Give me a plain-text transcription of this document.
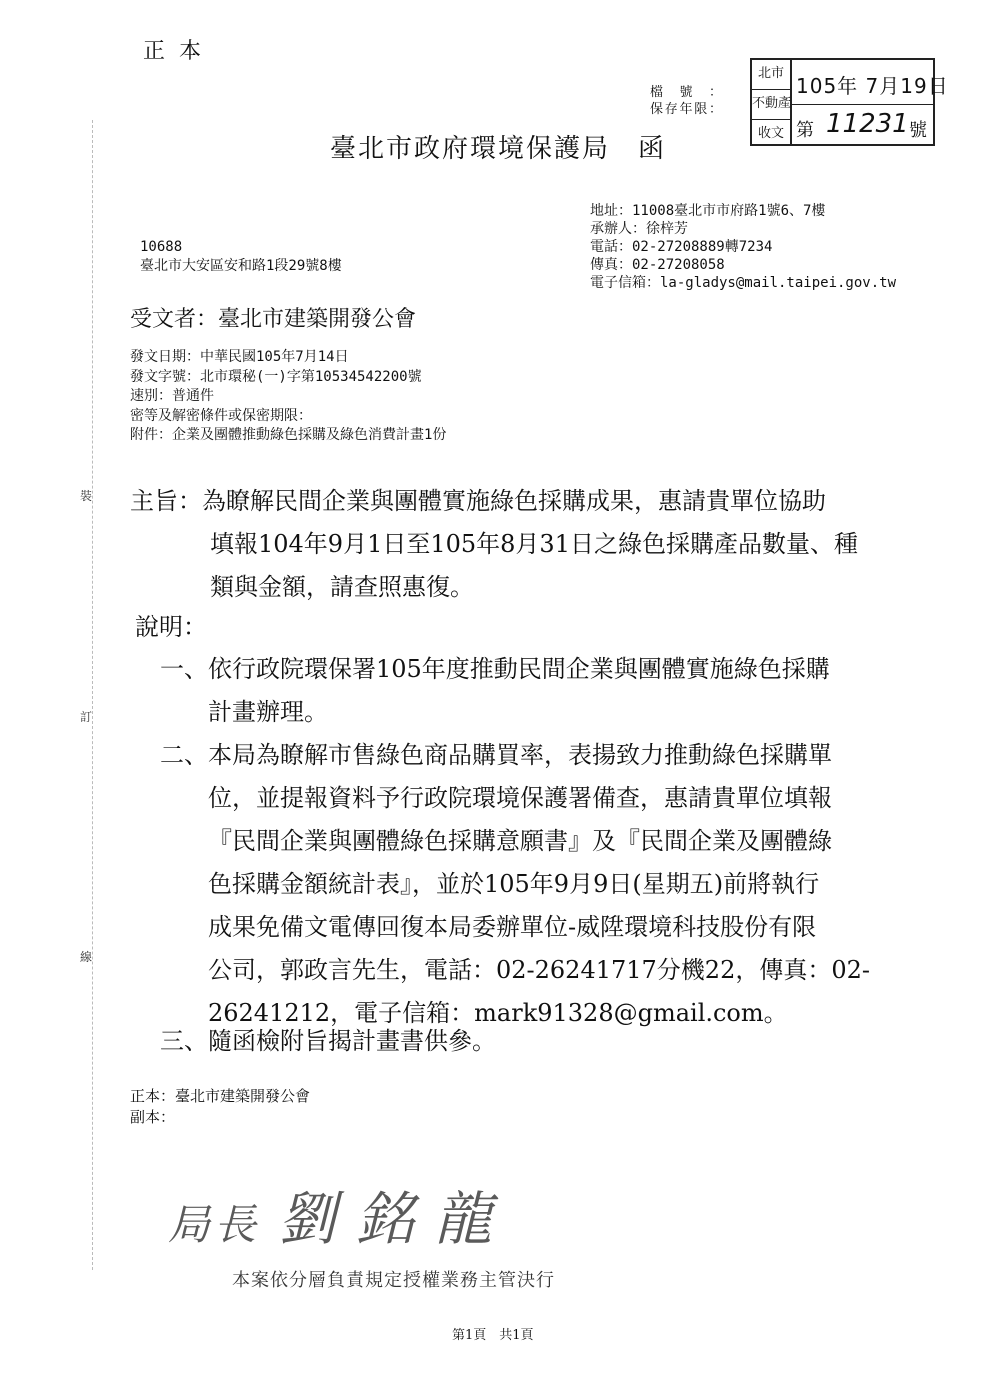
裝
訂
線
正本
檔號：
保存年限：
北市
不動產
收文
105年 7月19日
第 11231 號
臺北市政府環境保護局　函
地址：11008臺北市市府路1號6、7樓
承辦人：徐梓芳
電話：02-27208889轉7234
傳真：02-27208058
電子信箱：la-gladys@mail.taipei.gov.tw
10688
臺北市大安區安和路1段29號8樓
受文者：臺北市建築開發公會
發文日期：中華民國105年7月14日
發文字號：北市環秘(一)字第10534542200號
速別：普通件
密等及解密條件或保密期限：
附件：企業及團體推動綠色採購及綠色消費計畫1份
主旨：為瞭解民間企業與團體實施綠色採購成果，惠請貴單位協助
填報104年9月1日至105年8月31日之綠色採購產品數量、種
類與金額，請查照惠復。
說明：
一、依行政院環保署105年度推動民間企業與團體實施綠色採購
計畫辦理。
二、本局為瞭解市售綠色商品購買率，表揚致力推動綠色採購單
位，並提報資料予行政院環境保護署備查，惠請貴單位填報
『民間企業與團體綠色採購意願書』及『民間企業及團體綠
色採購金額統計表』，並於105年9月9日(星期五)前將執行
成果免備文電傳回復本局委辦單位-威陞環境科技股份有限
公司，郭政言先生，電話：02-26241717分機22，傳真：02-
26241212，電子信箱：mark91328@gmail.com。
三、隨函檢附旨揭計畫書供參。
正本：臺北市建築開發公會
副本：
局長 劉銘龍
本案依分層負責規定授權業務主管決行
第1頁　共1頁
